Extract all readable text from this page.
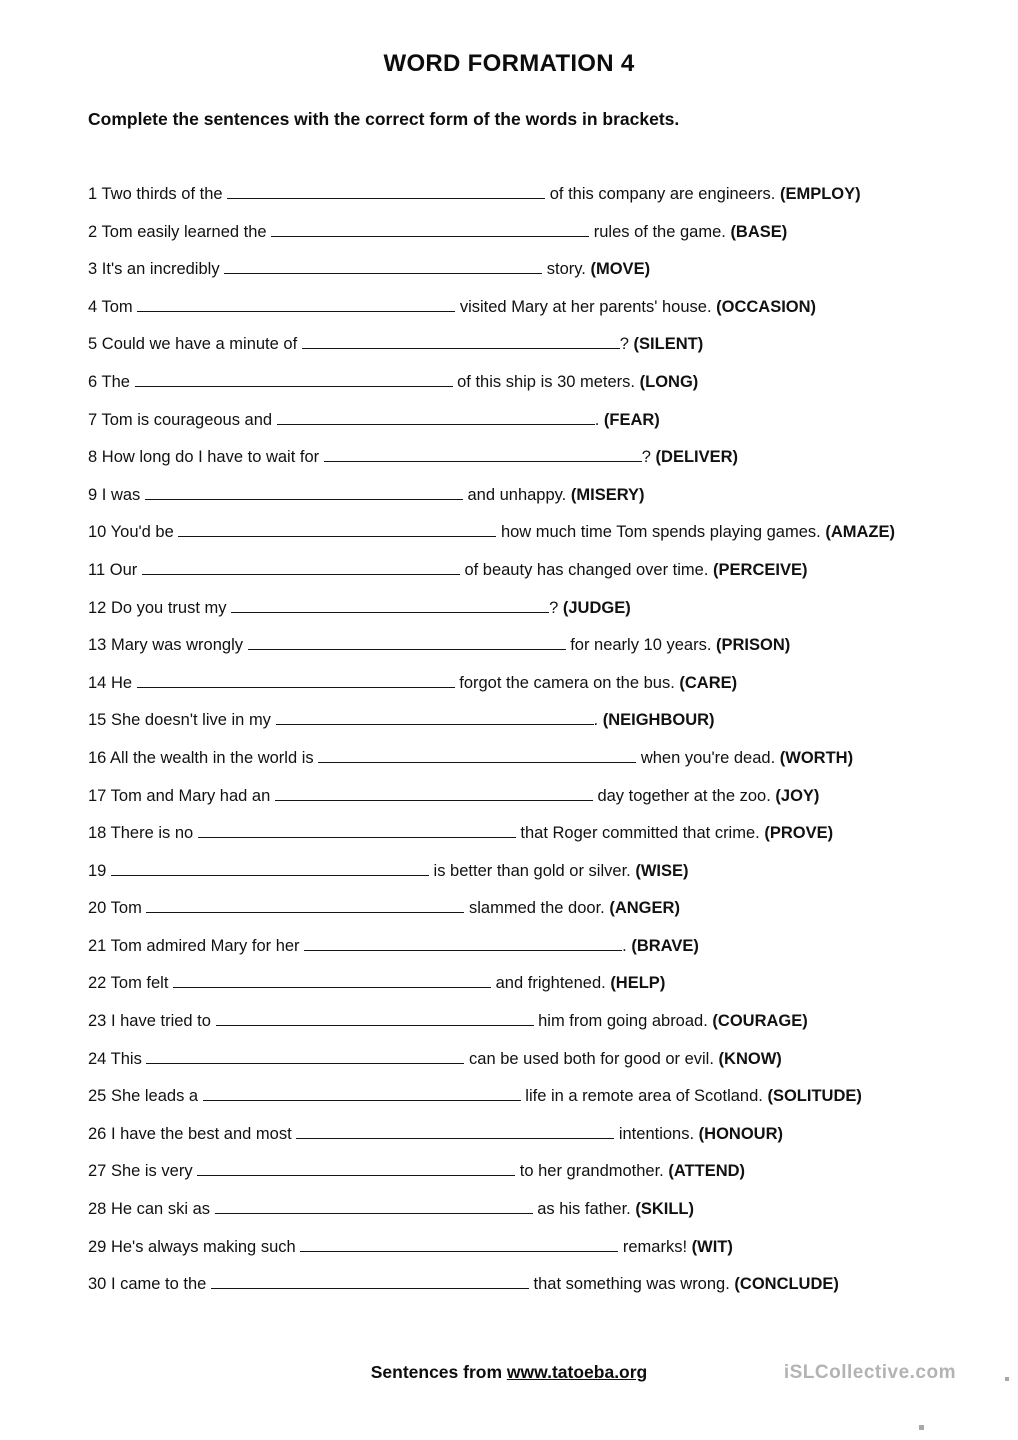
WORD FORMATION 4

Complete the sentences with the correct form of the words in brackets.

1 Two thirds of the	of this company are engineers. (EMPLOY)
2 Tom easily learned the	rules of the game. (BASE)
3 It's an incredibly	story. (MOVE)
4 Tom	visited Mary at her parents' house. (OCCASION)
5 Could we have a minute of	? (SILENT)
6 The	of this ship is 30 meters. (LONG)
7 Tom is courageous and	. (FEAR)
8 How long do I have to wait for	? (DELIVER)
9 I was	and unhappy. (MISERY)
10 You'd be	how much time Tom spends playing games. (AMAZE)
11 Our	of beauty has changed over time. (PERCEIVE)
12 Do you trust my	? (JUDGE)
13 Mary was wrongly	for nearly 10 years. (PRISON)
14 He	forgot the camera on the bus. (CARE)
15 She doesn't live in my	. (NEIGHBOUR)
16 All the wealth in the world is	when you're dead. (WORTH)
17 Tom and Mary had an	day together at the zoo. (JOY)
18 There is no	that Roger committed that crime. (PROVE)
19	is better than gold or silver. (WISE)
20 Tom	slammed the door. (ANGER)
21 Tom admired Mary for her	. (BRAVE)
22 Tom felt	and frightened. (HELP)
23 I have tried to	him from going abroad. (COURAGE)
24 This	can be used both for good or evil. (KNOW)
25 She leads a	life in a remote area of Scotland. (SOLITUDE)
26 I have the best and most	intentions. (HONOUR)
27 She is very	to her grandmother. (ATTEND)
28 He can ski as	as his father. (SKILL)
29 He's always making such	remarks! (WIT)
30 I came to the	that something was wrong. (CONCLUDE)
Sentences from www.tatoeba.org	iSLCollective.com
